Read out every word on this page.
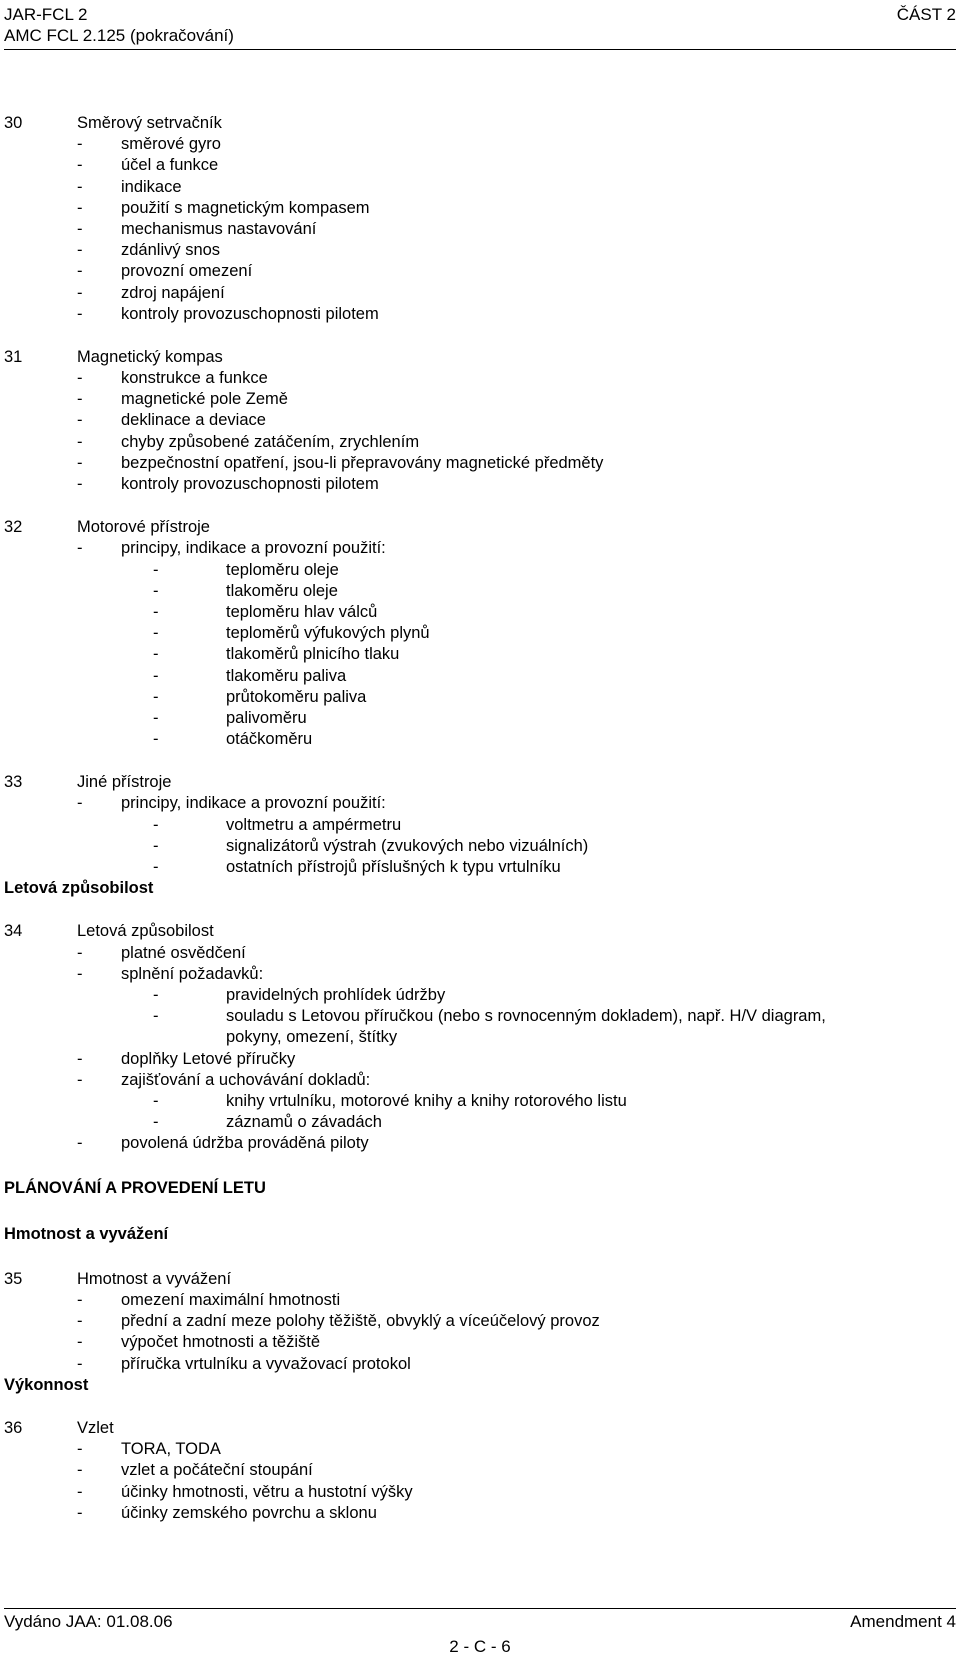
JAR-FCL 2	ČÁST 2
AMC FCL 2.125 (pokračování)
30	Směrový setrvačník
- směrové gyro
- účel a funkce
- indikace
- použití s magnetickým kompasem
- mechanismus nastavování
- zdánlivý snos
- provozní omezení
- zdroj napájení
- kontroly provozuschopnosti pilotem
31	Magnetický kompas
- konstrukce a funkce
- magnetické pole Země
- deklinace a deviace
- chyby způsobené zatáčením, zrychlením
- bezpečnostní opatření, jsou-li přepravovány magnetické předměty
- kontroly provozuschopnosti pilotem
32	Motorové přístroje
- principy, indikace a provozní použití:
-	teploměru oleje
-	tlakoměru oleje
-	teploměru hlav válců
-	teploměrů výfukových plynů
-	tlakoměrů plnicího tlaku
-	tlakoměru paliva
-	průtokoměru paliva
-	palivoměru
-	otáčkoměru
33	Jiné přístroje
- principy, indikace a provozní použití:
-	voltmetru a ampérmetru
-	signalizátorů výstrah (zvukových nebo vizuálních)
-	ostatních přístrojů příslušných k typu vrtulníku
Letová způsobilost
34	Letová způsobilost
- platné osvědčení
- splnění požadavků:
-	pravidelných prohlídek údržby
-	souladu s Letovou příručkou (nebo s rovnocenným dokladem), např. H/V diagram,
pokyny, omezení, štítky
- doplňky Letové příručky
- zajišťování a uchovávání dokladů:
-	knihy vrtulníku, motorové knihy a knihy rotorového listu
-	záznamů o závadách
- povolená údržba prováděná piloty
PLÁNOVÁNÍ A PROVEDENÍ LETU
Hmotnost a vyvážení
35	Hmotnost a vyvážení
- omezení maximální hmotnosti
- přední a zadní meze polohy těžiště, obvyklý a víceúčelový provoz
- výpočet hmotnosti a těžiště
- příručka vrtulníku a vyvažovací protokol
Výkonnost
36	Vzlet
- TORA, TODA
- vzlet a počáteční stoupání
- účinky hmotnosti, větru a hustotní výšky
- účinky zemského povrchu a sklonu
Vydáno JAA: 01.08.06	Amendment 4
2 - C - 6
